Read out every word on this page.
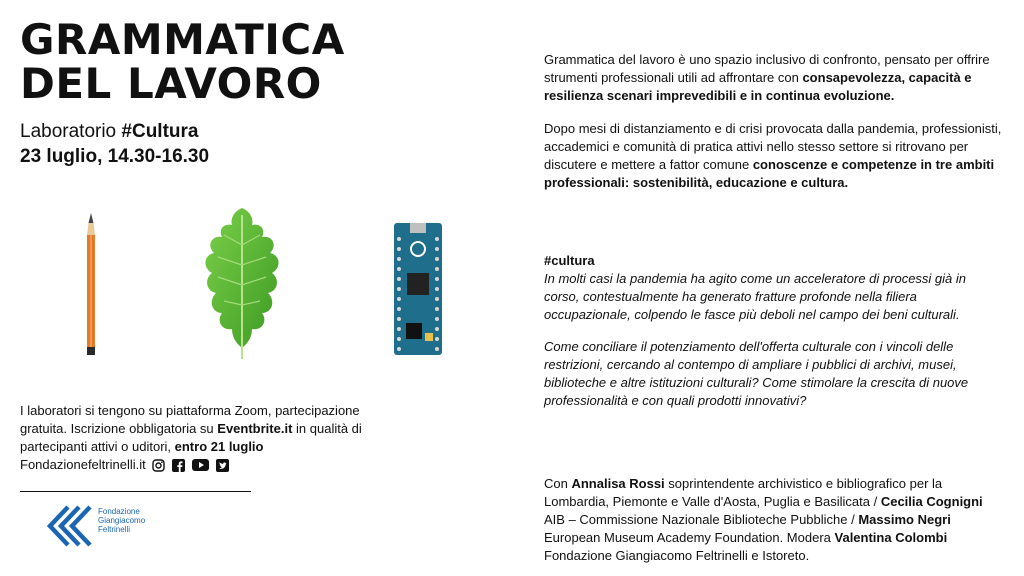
GRAMMATICA
DEL LAVORO
Laboratorio #Cultura
23 luglio, 14.30-16.30
I laboratori si tengono su piattaforma Zoom, partecipazione gratuita. Iscrizione obbligatoria su Eventbrite.it in qualità di partecipanti attivi o uditori, entro 21 luglio
Fondazionefeltrinelli.it
Fondazione
Giangiacomo
Feltrinelli
Grammatica del lavoro è uno spazio inclusivo di confronto, pensato per offrire strumenti professionali utili ad affrontare con consapevolezza, capacità e resilienza scenari imprevedibili e in continua evoluzione.
Dopo mesi di distanziamento e di crisi provocata dalla pandemia, professionisti, accademici e comunità di pratica attivi nello stesso settore si ritrovano per discutere e mettere a fattor comune conoscenze e competenze in tre ambiti professionali: sostenibilità, educazione e cultura.
#cultura
In molti casi la pandemia ha agito come un acceleratore di processi già in corso, contestualmente ha generato fratture profonde nella filiera occupazionale, colpendo le fasce più deboli nel campo dei beni culturali.
Come conciliare il potenziamento dell'offerta culturale con i vincoli delle restrizioni, cercando al contempo di ampliare i pubblici di archivi, musei, biblioteche e altre istituzioni culturali? Come stimolare la crescita di nuove professionalità e con quali prodotti innovativi?
Con Annalisa Rossi soprintendente archivistico e bibliografico per la Lombardia, Piemonte e Valle d'Aosta, Puglia e Basilicata / Cecilia Cognigni AIB – Commissione Nazionale Biblioteche Pubbliche / Massimo Negri European Museum Academy Foundation. Modera Valentina Colombi Fondazione Giangiacomo Feltrinelli e Istoreto.
